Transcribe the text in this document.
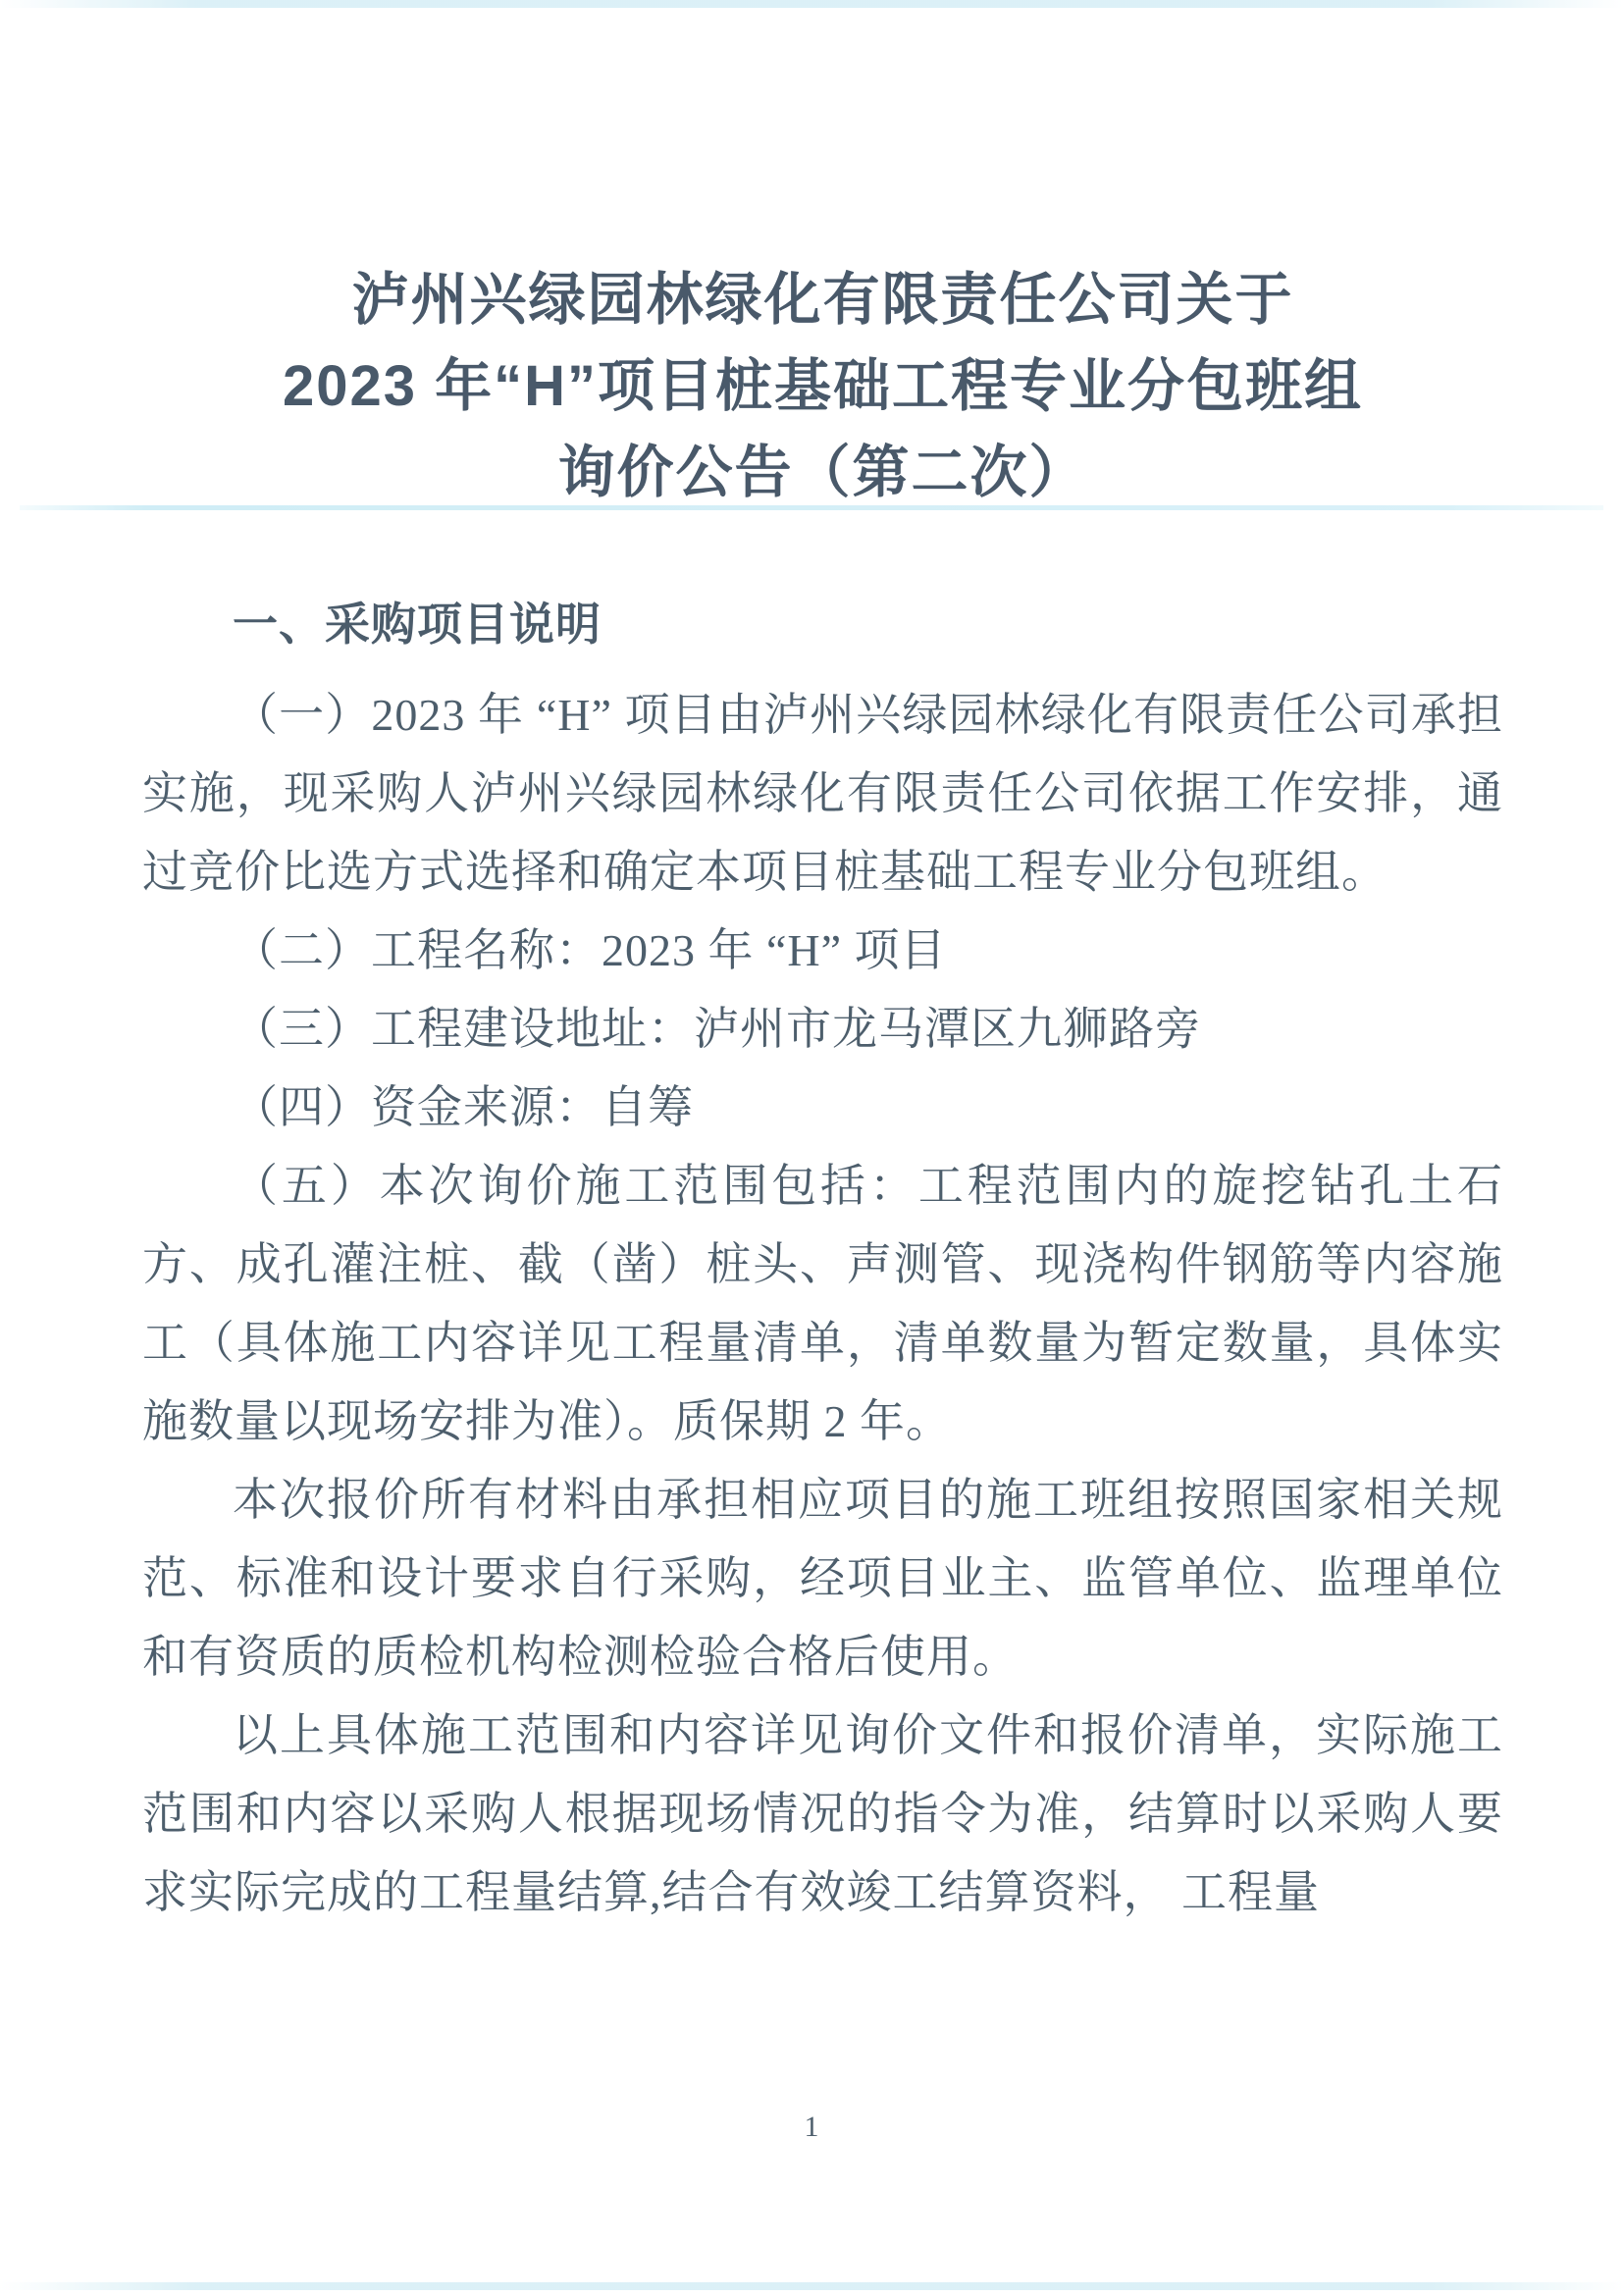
泸州兴绿园林绿化有限责任公司关于
2023 年“H”项目桩基础工程专业分包班组
询价公告（第二次）
一、采购项目说明

（一）2023 年 “H” 项目由泸州兴绿园林绿化有限责任公司承担实施，现采购人泸州兴绿园林绿化有限责任公司依据工作安排，通过竞价比选方式选择和确定本项目桩基础工程专业分包班组。

（二）工程名称：2023 年 “H” 项目

（三）工程建设地址：泸州市龙马潭区九狮路旁

（四）资金来源：自筹

（五）本次询价施工范围包括：工程范围内的旋挖钻孔土石方、成孔灌注桩、截（凿）桩头、声测管、现浇构件钢筋等内容施工（具体施工内容详见工程量清单，清单数量为暂定数量，具体实施数量以现场安排为准）。质保期 2 年。

本次报价所有材料由承担相应项目的施工班组按照国家相关规范、标准和设计要求自行采购，经项目业主、监管单位、监理单位和有资质的质检机构检测检验合格后使用。

以上具体施工范围和内容详见询价文件和报价清单，实际施工范围和内容以采购人根据现场情况的指令为准，结算时以采购人要求实际完成的工程量结算,结合有效竣工结算资料， 工程量

1
